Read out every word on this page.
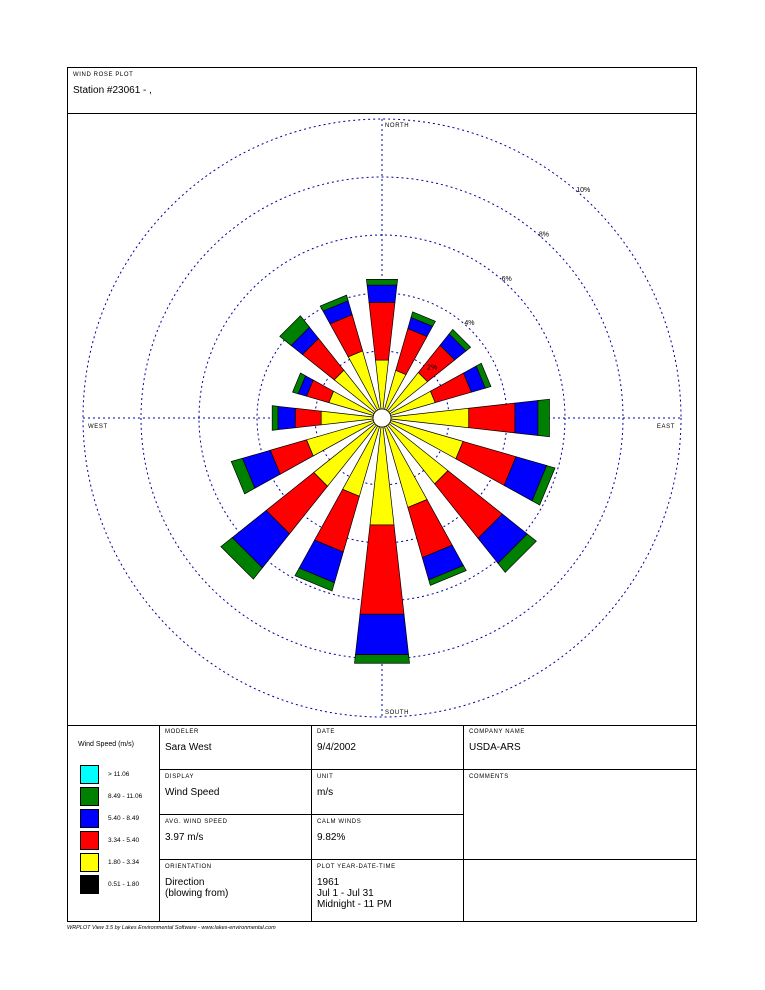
WIND ROSE PLOT
Station #23061 - ,
2%
4%
6%
8%
10%
NORTH
SOUTH
EAST
WEST
Wind Speed (m/s)
> 11.06
8.49 - 11.06
5.40 - 8.49
3.34 - 5.40
1.80 - 3.34
0.51 - 1.80
MODELER
Sara West
DATE
9/4/2002
COMPANY NAME
USDA-ARS
DISPLAY
Wind Speed
UNIT
m/s
COMMENTS
AVG. WIND SPEED
3.97 m/s
CALM WINDS
9.82%
ORIENTATION
Direction
(blowing from)
PLOT YEAR-DATE-TIME
1961
Jul 1 - Jul 31
Midnight - 11 PM
WRPLOT View 3.5 by Lakes Environmental Software - www.lakes-environmental.com
